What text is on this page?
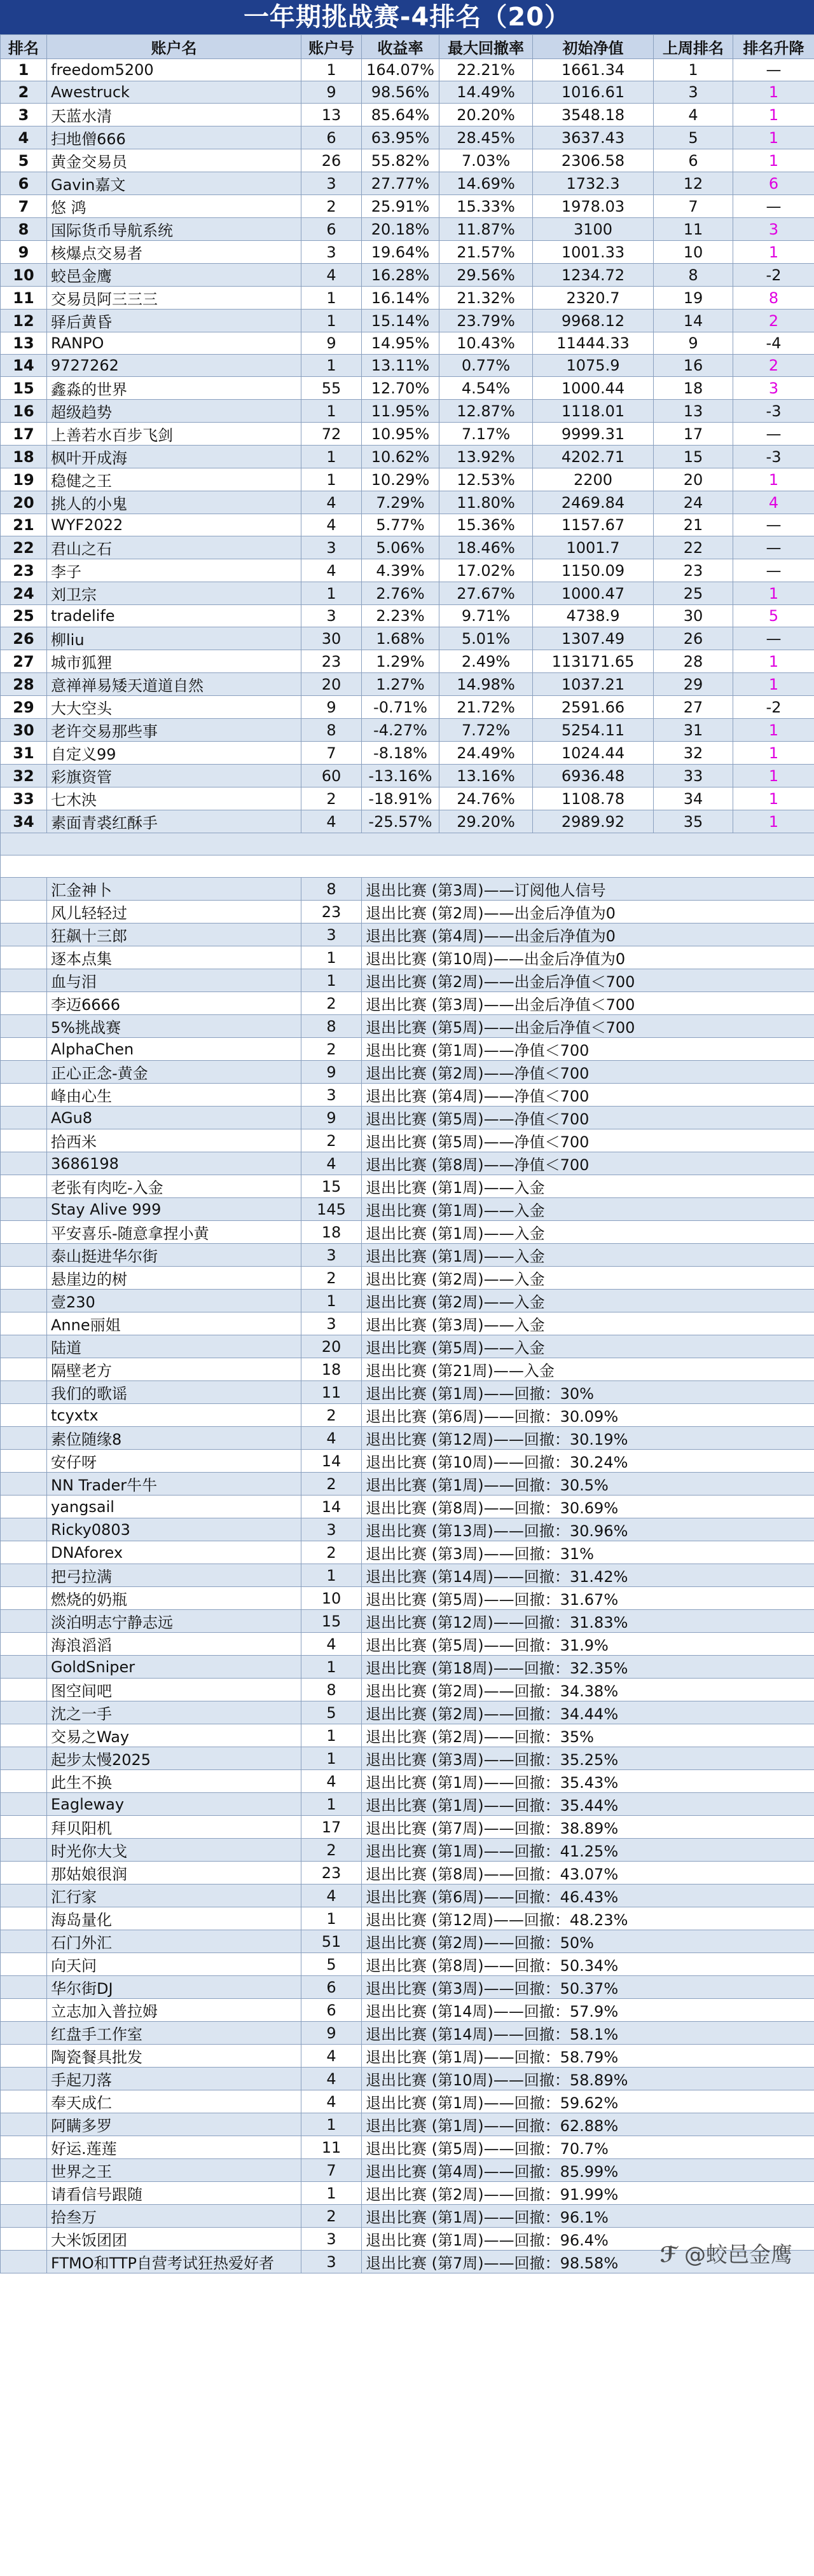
一年期挑战赛-4排名（20）
排名	账户名	账户号	收益率	最大回撤率	初始净值	上周排名	排名升降
1	freedom5200	1	164.07%	22.21%	1661.34	1	—
2	Awestruck	9	98.56%	14.49%	1016.61	3	1
3	天蓝水清	13	85.64%	20.20%	3548.18	4	1
4	扫地僧666	6	63.95%	28.45%	3637.43	5	1
5	黄金交易员	26	55.82%	7.03%	2306.58	6	1
6	Gavin嘉文	3	27.77%	14.69%	1732.3	12	6
7	悠 鸿	2	25.91%	15.33%	1978.03	7	—
8	国际货币导航系统	6	20.18%	11.87%	3100	11	3
9	核爆点交易者	3	19.64%	21.57%	1001.33	10	1
10	蛟邑金鹰	4	16.28%	29.56%	1234.72	8	-2
11	交易员阿三三三	1	16.14%	21.32%	2320.7	19	8
12	驿后黄昏	1	15.14%	23.79%	9968.12	14	2
13	RANPO	9	14.95%	10.43%	11444.33	9	-4
14	9727262	1	13.11%	0.77%	1075.9	16	2
15	鑫淼的世界	55	12.70%	4.54%	1000.44	18	3
16	超级趋势	1	11.95%	12.87%	1118.01	13	-3
17	上善若水百步飞剑	72	10.95%	7.17%	9999.31	17	—
18	枫叶开成海	1	10.62%	13.92%	4202.71	15	-3
19	稳健之王	1	10.29%	12.53%	2200	20	1
20	挑人的小鬼	4	7.29%	11.80%	2469.84	24	4
21	WYF2022	4	5.77%	15.36%	1157.67	21	—
22	君山之石	3	5.06%	18.46%	1001.7	22	—
23	李子	4	4.39%	17.02%	1150.09	23	—
24	刘卫宗	1	2.76%	27.67%	1000.47	25	1
25	tradelife	3	2.23%	9.71%	4738.9	30	5
26	柳liu	30	1.68%	5.01%	1307.49	26	—
27	城市狐狸	23	1.29%	2.49%	113171.65	28	1
28	意禅禅易矮天道道自然	20	1.27%	14.98%	1037.21	29	1
29	大大空头	9	-0.71%	21.72%	2591.66	27	-2
30	老许交易那些事	8	-4.27%	7.72%	5254.11	31	1
31	自定义99	7	-8.18%	24.49%	1024.44	32	1
32	彩旗资管	60	-13.16%	13.16%	6936.48	33	1
33	七木泱	2	-18.91%	24.76%	1108.78	34	1
34	素面青裘红酥手	4	-25.57%	29.20%	2989.92	35	1

	汇金神卜	8	退出比赛 (第3周)——订阅他人信号				
	风儿轻轻过	23	退出比赛 (第2周)——出金后净值为0				
	狂飙十三郎	3	退出比赛 (第4周)——出金后净值为0				
	逐本点集	1	退出比赛 (第10周)——出金后净值为0				
	血与泪	1	退出比赛 (第2周)——出金后净值＜700				
	李迈6666	2	退出比赛 (第3周)——出金后净值＜700				
	5%挑战赛	8	退出比赛 (第5周)——出金后净值＜700				
	AlphaChen	2	退出比赛 (第1周)——净值＜700				
	正心正念-黄金	9	退出比赛 (第2周)——净值＜700				
	峰由心生	3	退出比赛 (第4周)——净值＜700				
	AGu8	9	退出比赛 (第5周)——净值＜700				
	拾西米	2	退出比赛 (第5周)——净值＜700				
	3686198	4	退出比赛 (第8周)——净值＜700				
	老张有肉吃-入金	15	退出比赛 (第1周)——入金				
	Stay Alive 999	145	退出比赛 (第1周)——入金				
	平安喜乐-随意拿捏小黄	18	退出比赛 (第1周)——入金				
	泰山挺进华尔街	3	退出比赛 (第1周)——入金				
	悬崖边的树	2	退出比赛 (第2周)——入金				
	壹230	1	退出比赛 (第2周)——入金				
	Anne丽姐	3	退出比赛 (第3周)——入金				
	陆道	20	退出比赛 (第5周)——入金				
	隔壁老方	18	退出比赛 (第21周)——入金				
	我们的歌谣	11	退出比赛 (第1周)——回撤：30%				
	tcyxtx	2	退出比赛 (第6周)——回撤：30.09%				
	素位随缘8	4	退出比赛 (第12周)——回撤：30.19%				
	安仔呀	14	退出比赛 (第10周)——回撤：30.24%				
	NN Trader牛牛	2	退出比赛 (第1周)——回撤：30.5%				
	yangsail	14	退出比赛 (第8周)——回撤：30.69%				
	Ricky0803	3	退出比赛 (第13周)——回撤：30.96%				
	DNAforex	2	退出比赛 (第3周)——回撤：31%				
	把弓拉满	1	退出比赛 (第14周)——回撤：31.42%				
	燃烧的奶瓶	10	退出比赛 (第5周)——回撤：31.67%				
	淡泊明志宁静志远	15	退出比赛 (第12周)——回撤：31.83%				
	海浪滔滔	4	退出比赛 (第5周)——回撤：31.9%				
	GoldSniper	1	退出比赛 (第18周)——回撤：32.35%				
	图空间吧	8	退出比赛 (第2周)——回撤：34.38%				
	沈之一手	5	退出比赛 (第2周)——回撤：34.44%				
	交易之Way	1	退出比赛 (第2周)——回撤：35%				
	起步太慢2025	1	退出比赛 (第3周)——回撤：35.25%				
	此生不换	4	退出比赛 (第1周)——回撤：35.43%				
	Eagleway	1	退出比赛 (第1周)——回撤：35.44%				
	拜贝阳机	17	退出比赛 (第7周)——回撤：38.89%				
	时光你大戈	2	退出比赛 (第1周)——回撤：41.25%				
	那姑娘很润	23	退出比赛 (第8周)——回撤：43.07%				
	汇行家	4	退出比赛 (第6周)——回撤：46.43%				
	海岛量化	1	退出比赛 (第12周)——回撤：48.23%				
	石门外汇	51	退出比赛 (第2周)——回撤：50%				
	向天问	5	退出比赛 (第8周)——回撤：50.34%				
	华尔街DJ	6	退出比赛 (第3周)——回撤：50.37%				
	立志加入普拉姆	6	退出比赛 (第14周)——回撤：57.9%				
	红盘手工作室	9	退出比赛 (第14周)——回撤：58.1%				
	陶瓷餐具批发	4	退出比赛 (第1周)——回撤：58.79%				
	手起刀落	4	退出比赛 (第10周)——回撤：58.89%				
	奉天成仁	4	退出比赛 (第1周)——回撤：59.62%				
	阿瞒多罗	1	退出比赛 (第1周)——回撤：62.88%				
	好运.莲莲	11	退出比赛 (第5周)——回撤：70.7%				
	世界之王	7	退出比赛 (第4周)——回撤：85.99%				
	请看信号跟随	1	退出比赛 (第2周)——回撤：91.99%				
	拾叁万	2	退出比赛 (第1周)——回撤：96.1%				
	大米饭团团	3	退出比赛 (第1周)——回撤：96.4%				
	FTMO和TTP自营考试狂热爱好者	3	退出比赛 (第7周)——回撤：98.58%				ℱ @蛟邑金鹰
